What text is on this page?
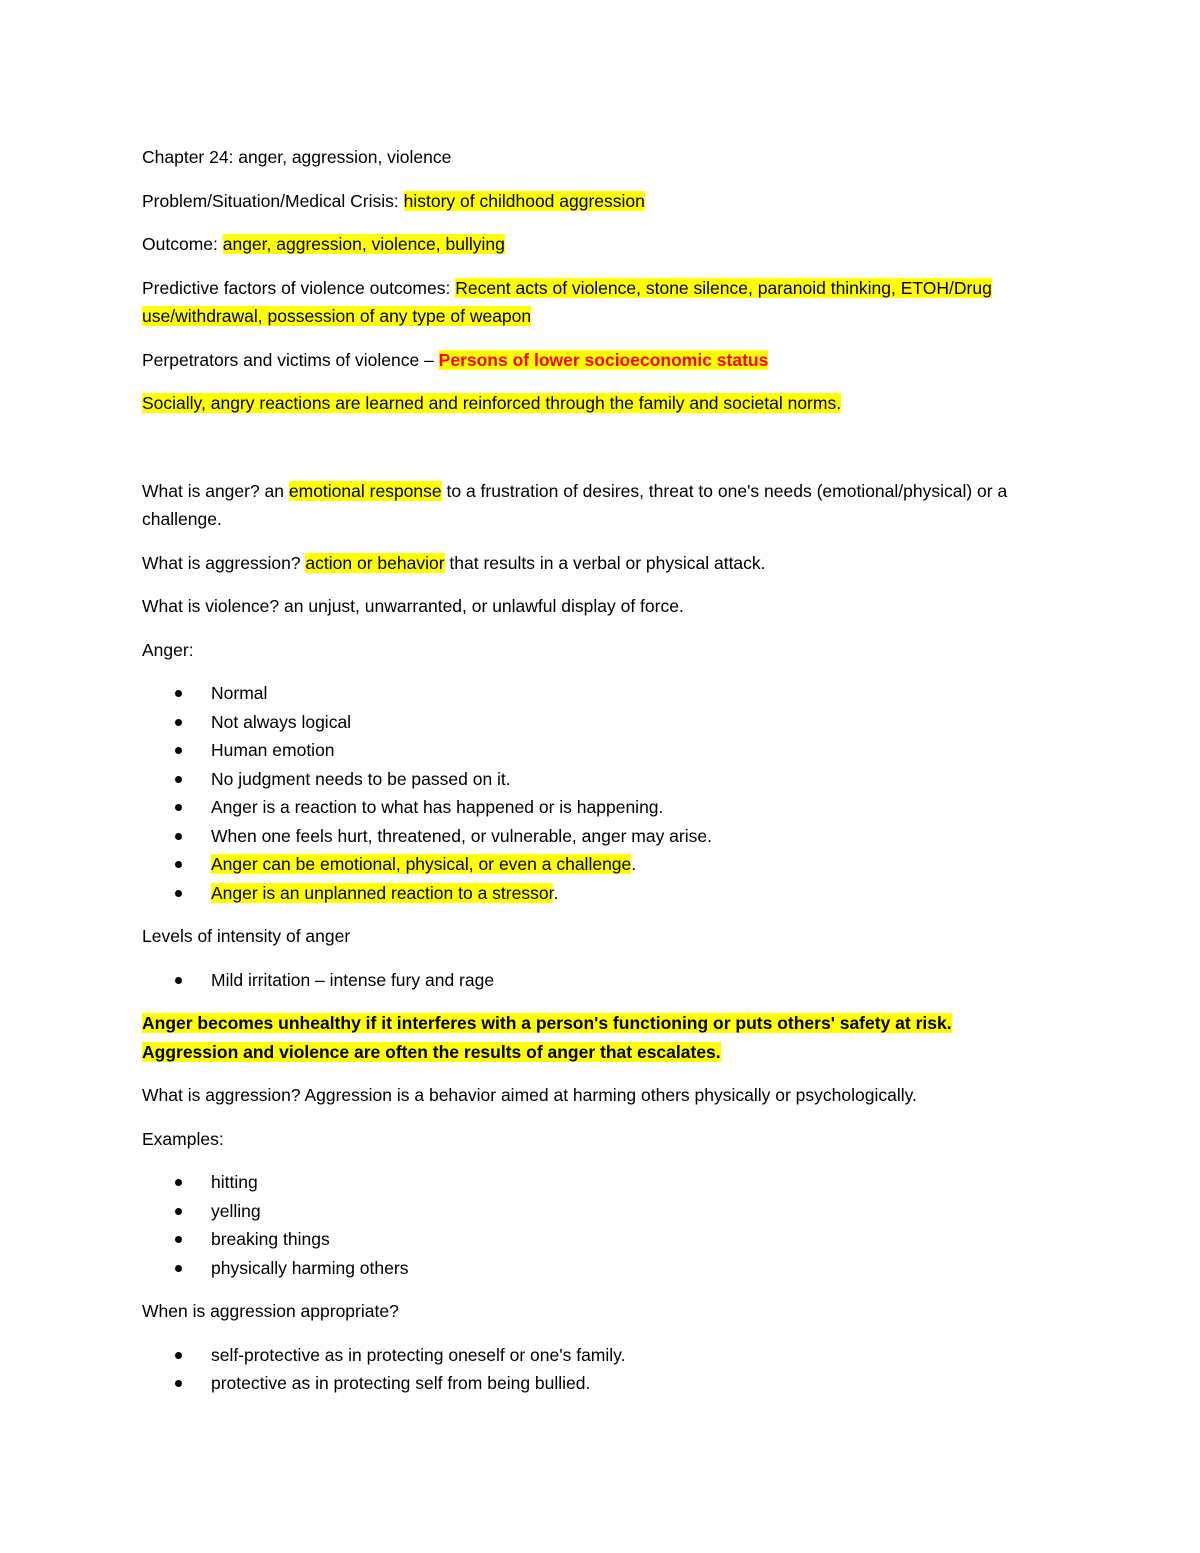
Chapter 24: anger, aggression, violence

Problem/Situation/Medical Crisis: history of childhood aggression

Outcome: anger, aggression, violence, bullying

Predictive factors of violence outcomes: Recent acts of violence, stone silence, paranoid thinking, ETOH/Drug use/withdrawal, possession of any type of weapon

Perpetrators and victims of violence – Persons of lower socioeconomic status

Socially, angry reactions are learned and reinforced through the family and societal norms.

What is anger? an emotional response to a frustration of desires, threat to one's needs (emotional/physical) or a challenge.

What is aggression? action or behavior that results in a verbal or physical attack.

What is violence? an unjust, unwarranted, or unlawful display of force.

Anger:

Normal
Not always logical
Human emotion
No judgment needs to be passed on it.
Anger is a reaction to what has happened or is happening.
When one feels hurt, threatened, or vulnerable, anger may arise.
Anger can be emotional, physical, or even a challenge.
Anger is an unplanned reaction to a stressor.

Levels of intensity of anger

Mild irritation – intense fury and rage

Anger becomes unhealthy if it interferes with a person's functioning or puts others' safety at risk. Aggression and violence are often the results of anger that escalates.

What is aggression? Aggression is a behavior aimed at harming others physically or psychologically.

Examples:

hitting
yelling
breaking things
physically harming others

When is aggression appropriate?

self-protective as in protecting oneself or one's family.
protective as in protecting self from being bullied.
